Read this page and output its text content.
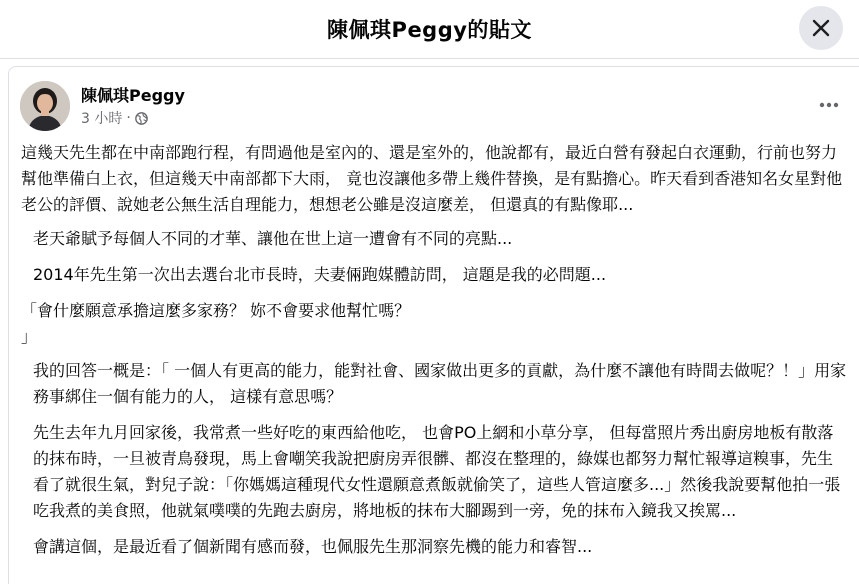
陳佩琪Peggy的貼文
陳佩琪Peggy
3 小時 ·

這幾天先生都在中南部跑行程，有問過他是室內的、還是室外的，他說都有，最近白營有發起白衣運動，行前也努力幫他準備白上衣，但這幾天中南部都下大雨， 竟也沒讓他多帶上幾件替換，是有點擔心。昨天看到香港知名女星對他老公的評價、說她老公無生活自理能力，想想老公雖是沒這麼差， 但還真的有點像耶...

老天爺賦予每個人不同的才華、讓他在世上這一遭會有不同的亮點...

2014年先生第一次出去選台北市長時，夫妻倆跑媒體訪問， 這題是我的必問題...

「會什麼願意承擔這麼多家務？ 妳不會要求他幫忙嗎？

」

我的回答一概是：「 一個人有更高的能力，能對社會、國家做出更多的貢獻，為什麼不讓他有時間去做呢？！」用家務事綁住一個有能力的人， 這樣有意思嗎？

先生去年九月回家後，我常煮一些好吃的東西給他吃， 也會PO上網和小草分享， 但每當照片秀出廚房地板有散落的抹布時，一旦被青鳥發現，馬上會嘲笑我說把廚房弄很髒、都沒在整理的，綠媒也都努力幫忙報導這糗事，先生看了就很生氣，對兒子說：「你媽媽這種現代女性還願意煮飯就偷笑了，這些人管這麼多...」然後我說要幫他拍一張吃我煮的美食照，他就氣噗噗的先跑去廚房，將地板的抹布大腳踢到一旁，免的抹布入鏡我又挨罵...

會講這個，是最近看了個新聞有感而發，也佩服先生那洞察先機的能力和睿智...
